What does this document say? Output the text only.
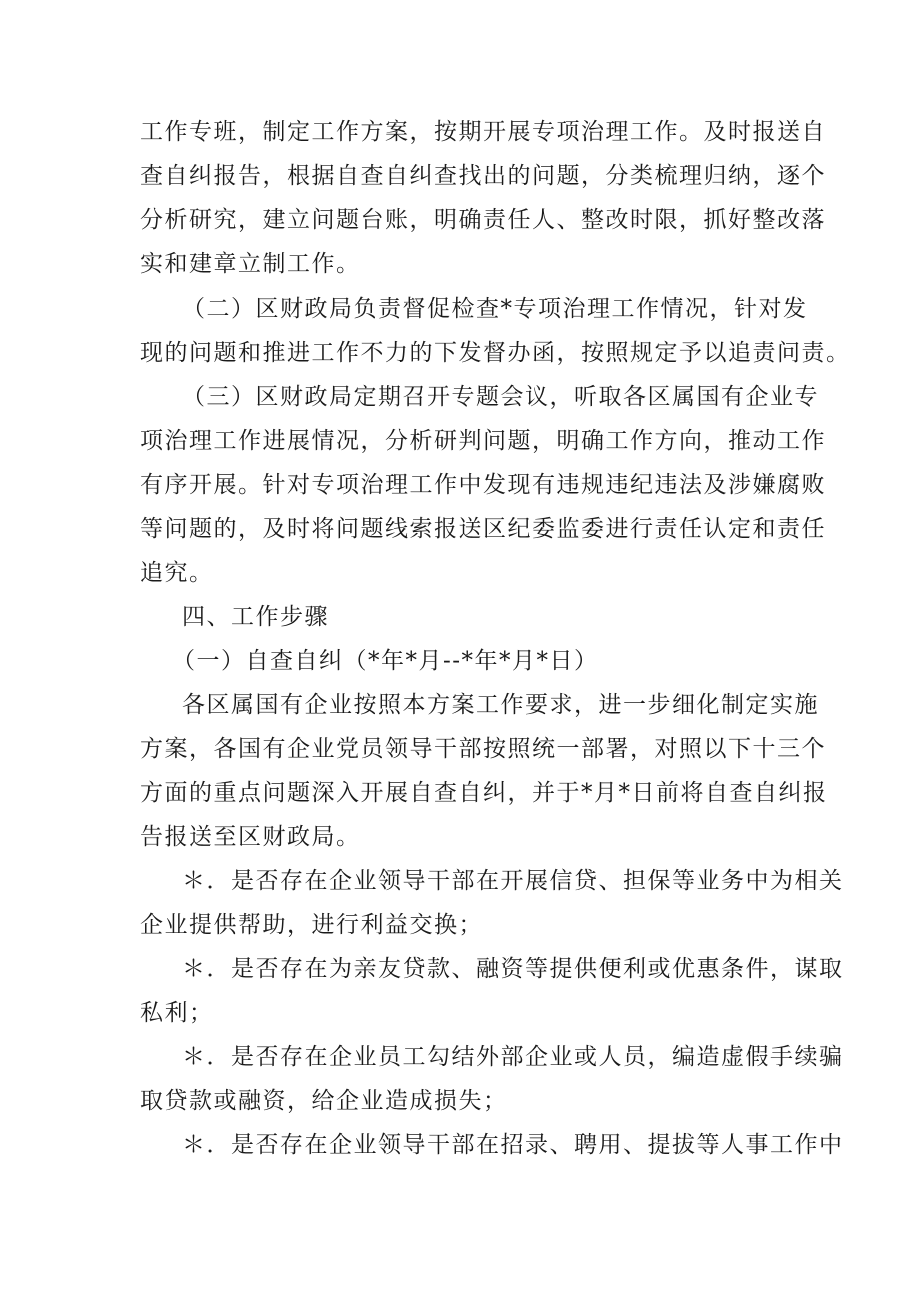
工作专班，制定工作方案，按期开展专项治理工作。及时报送自
查自纠报告，根据自查自纠查找出的问题，分类梳理归纳，逐个
分析研究，建立问题台账，明确责任人、整改时限，抓好整改落
实和建章立制工作。
（二）区财政局负责督促检查*专项治理工作情况，针对发
现的问题和推进工作不力的下发督办函，按照规定予以追责问责。
（三）区财政局定期召开专题会议，听取各区属国有企业专
项治理工作进展情况，分析研判问题，明确工作方向，推动工作
有序开展。针对专项治理工作中发现有违规违纪违法及涉嫌腐败
等问题的，及时将问题线索报送区纪委监委进行责任认定和责任
追究。
四、工作步骤
（一）自查自纠（*年*月--*年*月*日）
各区属国有企业按照本方案工作要求，进一步细化制定实施
方案，各国有企业党员领导干部按照统一部署，对照以下十三个
方面的重点问题深入开展自查自纠，并于*月*日前将自查自纠报
告报送至区财政局。
＊．是否存在企业领导干部在开展信贷、担保等业务中为相关
企业提供帮助，进行利益交换；
＊．是否存在为亲友贷款、融资等提供便利或优惠条件，谋取
私利；
＊．是否存在企业员工勾结外部企业或人员，编造虚假手续骗
取贷款或融资，给企业造成损失；
＊．是否存在企业领导干部在招录、聘用、提拔等人事工作中
